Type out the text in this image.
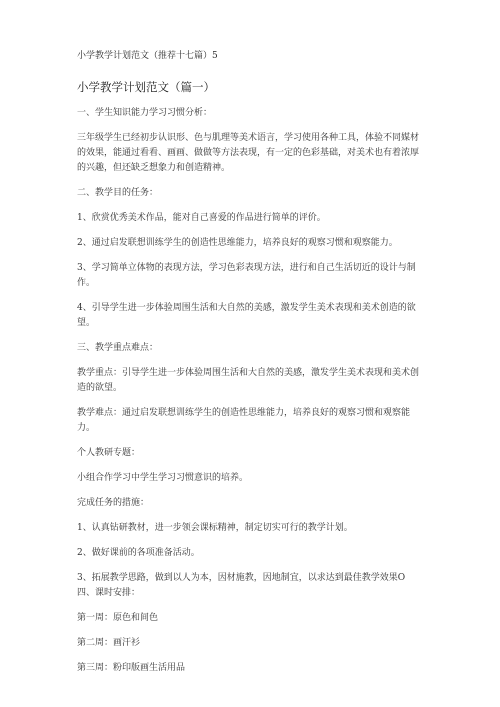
小学教学计划范文（推荐十七篇）5

小学教学计划范文（篇一）

一、学生知识能力学习习惯分析：

三年级学生已经初步认识形、色与肌理等美术语言，学习使用各种工具，体验不同媒材的效果，能通过看看、画画、做做等方法表现，有一定的色彩基础，对美术也有着浓厚的兴趣，但还缺乏想象力和创造精神。

二、教学目的任务：

1、欣赏优秀美术作品，能对自己喜爱的作品进行简单的评价。

2、通过启发联想训练学生的创造性思维能力，培养良好的观察习惯和观察能力。

3、学习简单立体物的表现方法，学习色彩表现方法，进行和自己生活切近的设计与制作。

4、引导学生进一步体验周围生活和大自然的美感，激发学生美术表现和美术创造的欲望。

三、教学重点难点：

教学重点：引导学生进一步体验周围生活和大自然的美感，激发学生美术表现和美术创造的欲望。

教学难点：通过启发联想训练学生的创造性思维能力，培养良好的观察习惯和观察能力。

个人教研专题：

小组合作学习中学生学习习惯意识的培养。

完成任务的措施：

1、认真钻研教材，进一步领会课标精神，制定切实可行的教学计划。

2、做好课前的各项准备活动。

3、拓展教学思路，做到以人为本，因材施教，因地制宜，以求达到最佳教学效果O

四、课时安排：

第一周：原色和间色

第二周：画汗衫

第三周：粉印版画生活用品
